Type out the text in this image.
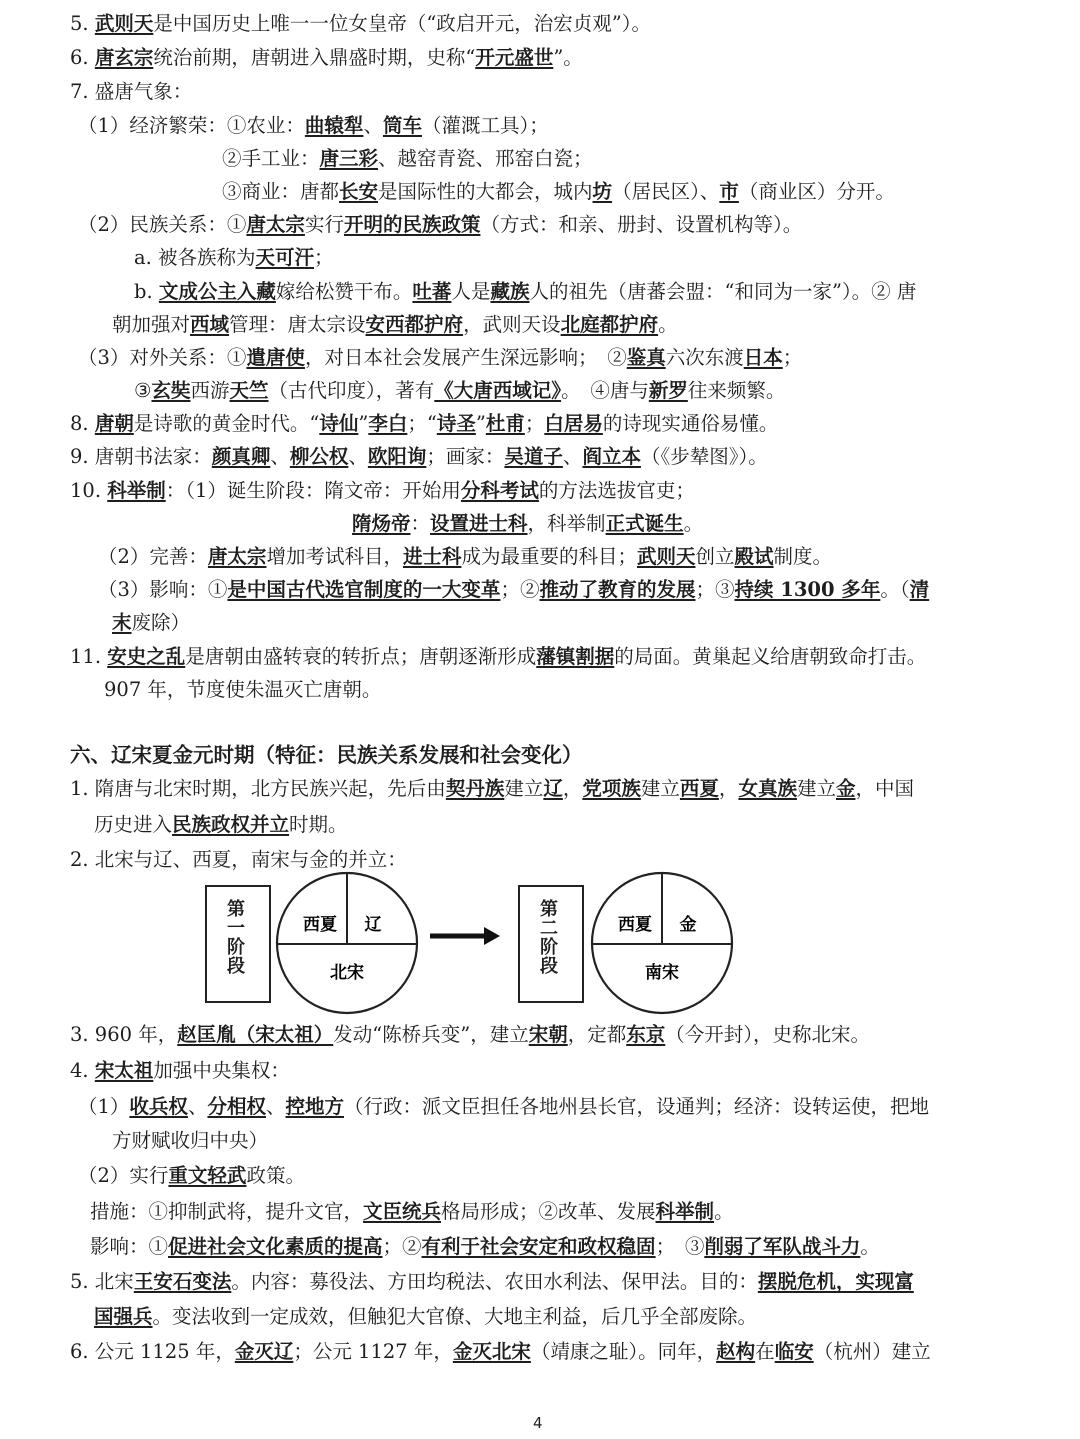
5. 武则天是中国历史上唯一一位女皇帝（“政启开元，治宏贞观”）。
6. 唐玄宗统治前期，唐朝进入鼎盛时期，史称“开元盛世”。
7. 盛唐气象：
（1）经济繁荣：①农业：曲辕犁、筒车（灌溉工具）；
②手工业：唐三彩、越窑青瓷、邢窑白瓷；
③商业：唐都长安是国际性的大都会，城内坊（居民区）、市（商业区）分开。
（2）民族关系：①唐太宗实行开明的民族政策（方式：和亲、册封、设置机构等）。
a. 被各族称为天可汗；
b. 文成公主入藏嫁给松赞干布。吐蕃人是藏族人的祖先（唐蕃会盟：“和同为一家”）。② 唐
朝加强对西域管理：唐太宗设安西都护府，武则天设北庭都护府。
（3）对外关系：①遣唐使，对日本社会发展产生深远影响；　②鉴真六次东渡日本；
③玄奘西游天竺（古代印度），著有《大唐西域记》。　④唐与新罗往来频繁。
8. 唐朝是诗歌的黄金时代。“诗仙”李白；“诗圣”杜甫；白居易的诗现实通俗易懂。
9. 唐朝书法家：颜真卿、柳公权、欧阳询；画家：吴道子、阎立本（《步辇图》）。
10. 科举制：（1）诞生阶段：隋文帝：开始用分科考试的方法选拔官吏；
隋炀帝：设置进士科，科举制正式诞生。
（2）完善：唐太宗增加考试科目，进士科成为最重要的科目；武则天创立殿试制度。
（3）影响：①是中国古代选官制度的一大变革；②推动了教育的发展；③持续 1300 多年。（清
末废除）
11. 安史之乱是唐朝由盛转衰的转折点；唐朝逐渐形成藩镇割据的局面。黄巢起义给唐朝致命打击。
907 年，节度使朱温灭亡唐朝。
六、辽宋夏金元时期（特征：民族关系发展和社会变化）
1. 隋唐与北宋时期，北方民族兴起，先后由契丹族建立辽，党项族建立西夏，女真族建立金，中国
历史进入民族政权并立时期。
2. 北宋与辽、西夏，南宋与金的并立：
3. 960 年，赵匡胤（宋太祖）发动“陈桥兵变”，建立宋朝，定都东京（今开封），史称北宋。
4. 宋太祖加强中央集权：
（1）收兵权、分相权、控地方（行政：派文臣担任各地州县长官，设通判；经济：设转运使，把地
方财赋收归中央）
（2）实行重文轻武政策。
措施：①抑制武将，提升文官，文臣统兵格局形成；②改革、发展科举制。
影响：①促进社会文化素质的提高；②有利于社会安定和政权稳固；　③削弱了军队战斗力。
5. 北宋王安石变法。内容：募役法、方田均税法、农田水利法、保甲法。目的：摆脱危机，实现富
国强兵。变法收到一定成效，但触犯大官僚、大地主利益，后几乎全部废除。
6. 公元 1125 年，金灭辽；公元 1127 年，金灭北宋（靖康之耻）。同年，赵构在临安（杭州）建立
第一阶段
西夏 辽
北宋
第二阶段
西夏 金
南宋
4
